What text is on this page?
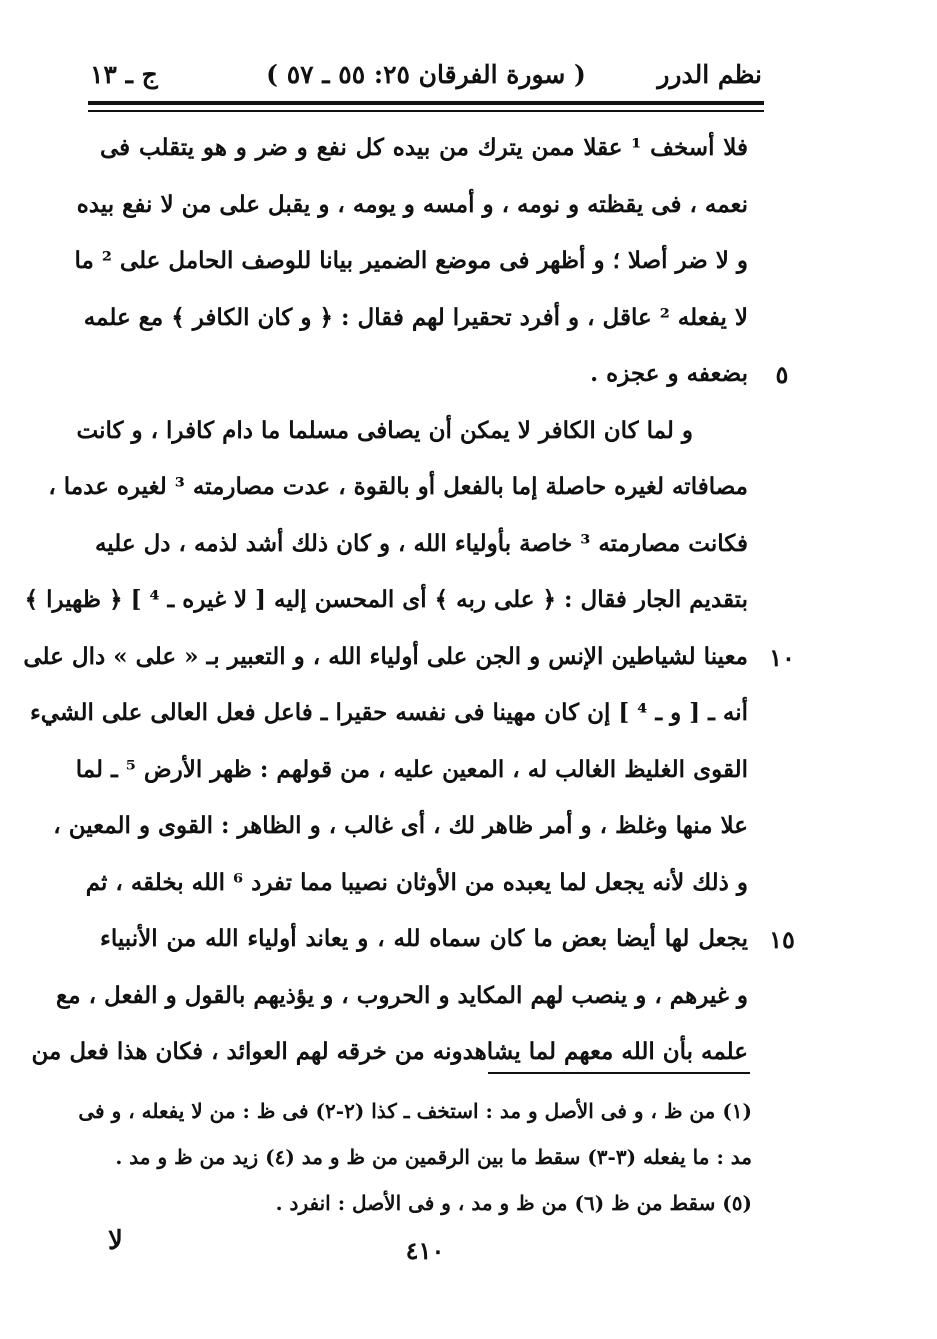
نظم الدرر
( سورة الفرقان ٢٥: ٥٥ ـ ٥٧ )
ج ـ ١٣
فلا أسخف ¹ عقلا ممن يترك من بيده كل نفع و ضر و هو يتقلب فى
نعمه ، فى يقظته و نومه ، و أمسه و يومه ، و يقبل على من لا نفع بيده
و لا ضر أصلا ؛ و أظهر فى موضع الضمير بيانا للوصف الحامل على ² ما
لا يفعله ² عاقل ، و أفرد تحقيرا لهم فقال : ﴿ و كان الكافر ﴾ مع علمه
بضعفه و عجزه .
و لما كان الكافر لا يمكن أن يصافى مسلما ما دام كافرا ، و كانت
مصافاته لغيره حاصلة إما بالفعل أو بالقوة ، عدت مصارمته ³ لغيره عدما ،
فكانت مصارمته ³ خاصة بأولياء الله ، و كان ذلك أشد لذمه ، دل عليه
بتقديم الجار فقال : ﴿ على ربه ﴾ أى المحسن إليه [ لا غيره ـ ⁴ ] ﴿ ظهيرا ﴾
معينا لشياطين الإنس و الجن على أولياء الله ، و التعبير بـ « على » دال على
أنه ـ [ و ـ ⁴ ] إن كان مهينا فى نفسه حقيرا ـ فاعل فعل العالى على الشيء
القوى الغليظ الغالب له ، المعين عليه ، من قولهم : ظهر الأرض ⁵ ـ لما
علا منها وغلظ ، و أمر ظاهر لك ، أى غالب ، و الظاهر : القوى و المعين ،
و ذلك لأنه يجعل لما يعبده من الأوثان نصيبا مما تفرد ⁶ الله بخلقه ، ثم
يجعل لها أيضا بعض ما كان سماه لله ، و يعاند أولياء الله من الأنبياء
و غيرهم ، و ينصب لهم المكايد و الحروب ، و يؤذيهم بالقول و الفعل ، مع
علمه بأن الله معهم لما يشاهدونه من خرقه لهم العوائد ، فكان هذا فعل من
٥
١٠
١٥
(١) من ظ ، و فى الأصل و مد : استخف ـ كذا (٢-٢) فى ظ : من لا يفعله ، و فى
مد : ما يفعله (٣-٣) سقط ما بين الرقمين من ظ و مد (٤) زيد من ظ و مد .
(٥) سقط من ظ (٦) من ظ و مد ، و فى الأصل : انفرد .
لا	٤١٠
